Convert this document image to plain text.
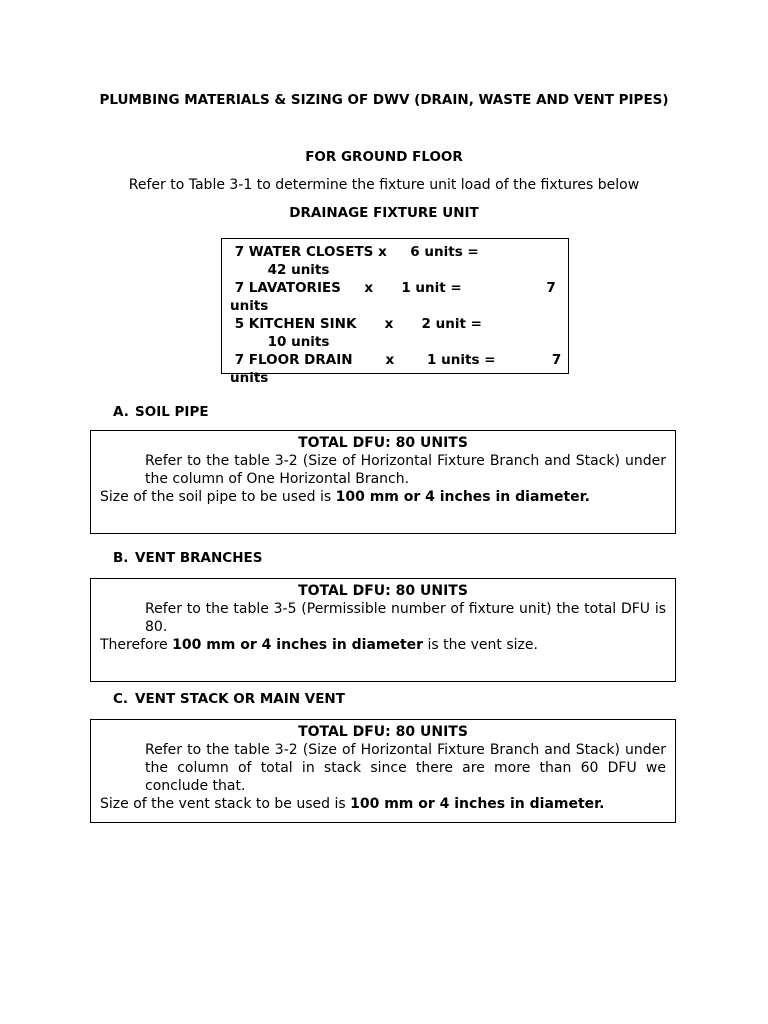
PLUMBING MATERIALS & SIZING OF DWV (DRAIN, WASTE AND VENT PIPES)
FOR GROUND FLOOR
Refer to Table 3-1 to determine the fixture unit load of the fixtures below
DRAINAGE FIXTURE UNIT
7 WATER CLOSETS x     6 units =
42 units
7 LAVATORIES     x      1 unit =                  7
units
5 KITCHEN SINK      x      2 unit =
10 units
7 FLOOR DRAIN       x       1 units =            7
units
A. SOIL PIPE
TOTAL DFU: 80 UNITS

Refer to the table 3-2 (Size of Horizontal Fixture Branch and Stack) under the column of One Horizontal Branch.

Size of the soil pipe to be used is 100 mm or 4 inches in diameter.

B. VENT BRANCHES
TOTAL DFU: 80 UNITS

Refer to the table 3-5 (Permissible number of fixture unit) the total DFU is 80.

Therefore 100 mm or 4 inches in diameter is the vent size.

C. VENT STACK OR MAIN VENT
TOTAL DFU: 80 UNITS

Refer to the table 3-2 (Size of Horizontal Fixture Branch and Stack) under the column of total in stack since there are more than 60 DFU we conclude that.

Size of the vent stack to be used is 100 mm or 4 inches in diameter.
